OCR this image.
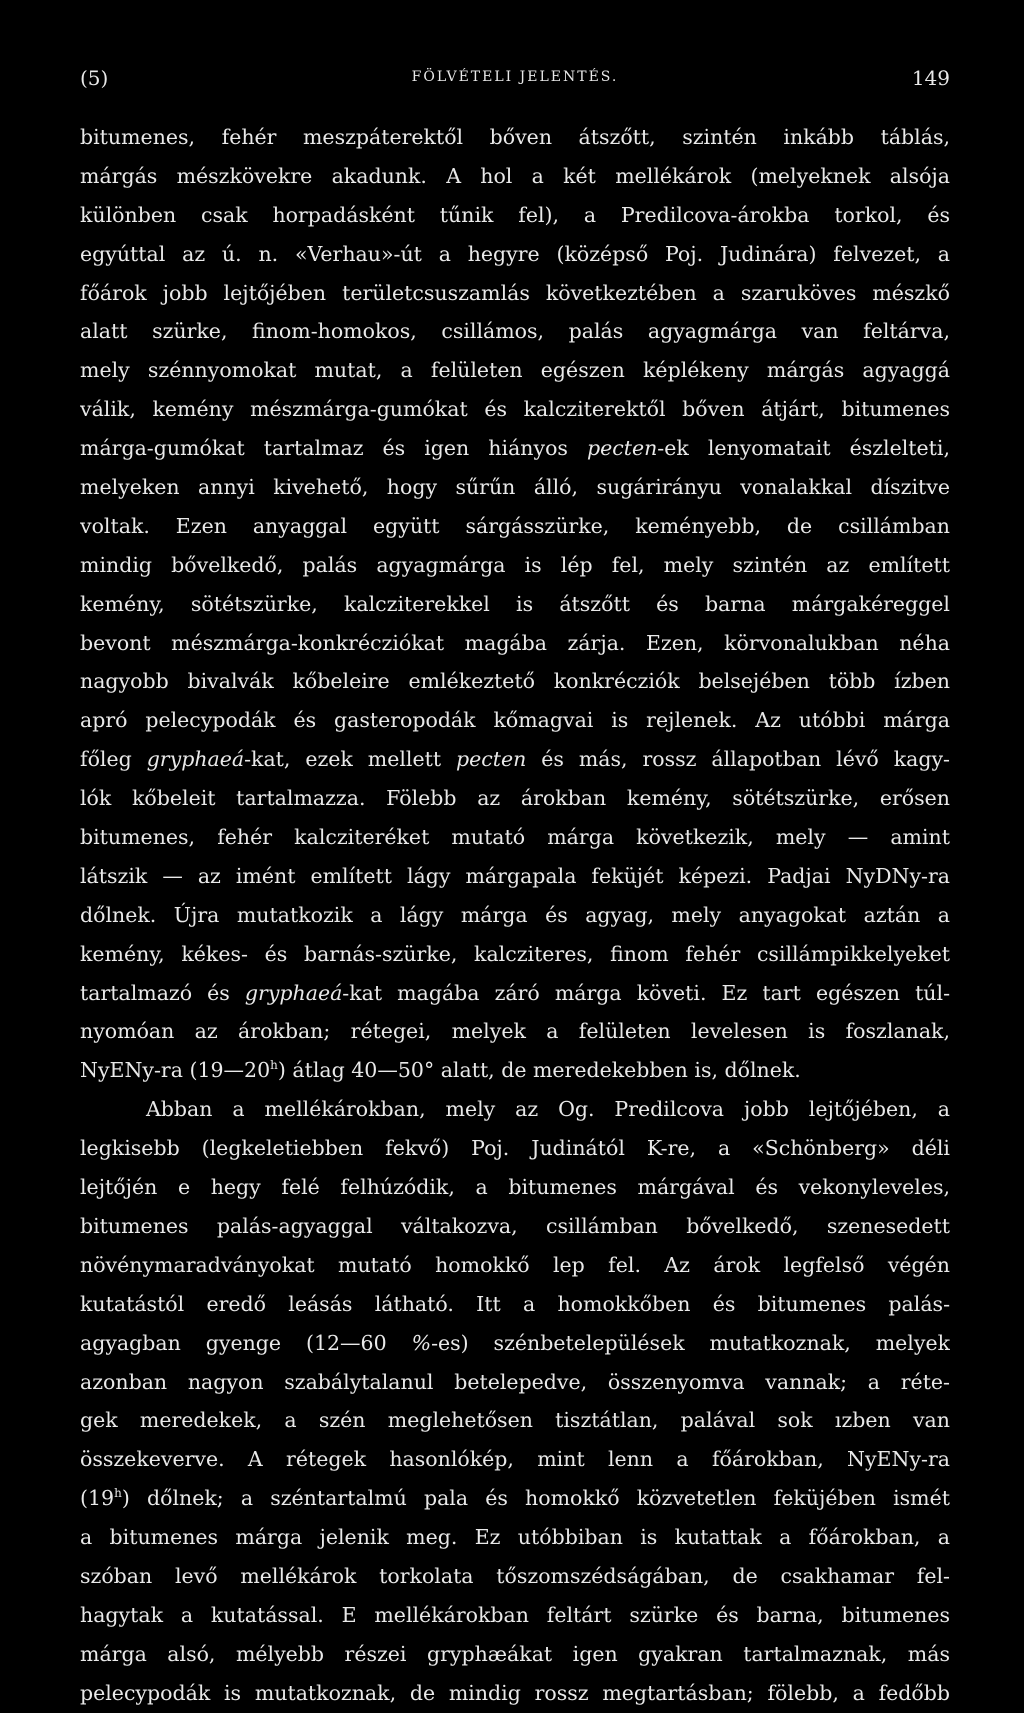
(5)	FÖLVÉTELI JELENTÉS.	149
bitumenes, fehér meszpáterektől bőven átszőtt, szintén inkább táblás,
márgás mészkövekre akadunk. A hol a két mellékárok (melyeknek alsója
különben csak horpadásként tűnik fel), a Predilcova-árokba torkol, és
egyúttal az ú. n. «Verhau»-út a hegyre (középső Poj. Judinára) felvezet, a
főárok jobb lejtőjében területcsuszamlás következtében a szaruköves mészkő
alatt szürke, finom-homokos, csillámos, palás agyagmárga van feltárva,
mely szénnyomokat mutat, a felületen egészen képlékeny márgás agyaggá
válik, kemény mészmárga-gumókat és kalcziterektől bőven átjárt, bitumenes
márga-gumókat tartalmaz és igen hiányos pecten-ek lenyomatait észlelteti,
melyeken annyi kivehető, hogy sűrűn álló, sugárirányu vonalakkal díszitve
voltak. Ezen anyaggal együtt sárgásszürke, keményebb, de csillámban
mindig bővelkedő, palás agyagmárga is lép fel, mely szintén az említett
kemény, sötétszürke, kalcziterekkel is átszőtt és barna márgakéreggel
bevont mészmárga-konkrécziókat magába zárja. Ezen, körvonalukban néha
nagyobb bivalvák kőbeleire emlékeztető konkrécziók belsejében több ízben
apró pelecypodák és gasteropodák kőmagvai is rejlenek. Az utóbbi márga
főleg gryphaeá-kat, ezek mellett pecten és más, rossz állapotban lévő kagy-
lók kőbeleit tartalmazza. Fölebb az árokban kemény, sötétszürke, erősen
bitumenes, fehér kalcziteréket mutató márga következik, mely — amint
látszik — az imént említett lágy márgapala feküjét képezi. Padjai NyDNy-ra
dőlnek. Újra mutatkozik a lágy márga és agyag, mely anyagokat aztán a
kemény, kékes- és barnás-szürke, kalcziteres, finom fehér csillámpikkelyeket
tartalmazó és gryphaeá-kat magába záró márga követi. Ez tart egészen túl-
nyomóan az árokban; rétegei, melyek a felületen levelesen is foszlanak,
NyENy-ra (19—20$^h$) átlag 40—50° alatt, de meredekebben is, dőlnek.
Abban a mellékárokban, mely az Og. Predilcova jobb lejtőjében, a
legkisebb (legkeletiebben fekvő) Poj. Judinától K-re, a «Schönberg» déli
lejtőjén e hegy felé felhúzódik, a bitumenes márgával és vekonyleveles,
bitumenes palás-agyaggal váltakozva, csillámban bővelkedő, szenesedett
növénymaradványokat mutató homokkő lep fel. Az árok legfelső végén
kutatástól eredő leásás látható. Itt a homokkőben és bitumenes palás-
agyagban gyenge (12—60 %-es) szénbetelepülések mutatkoznak, melyek
azonban nagyon szabálytalanul betelepedve, összenyomva vannak; a réte-
gek meredekek, a szén meglehetősen tisztátlan, palával sok ızben van
összekeverve. A rétegek hasonlókép, mint lenn a főárokban, NyENy-ra
(19$^h$) dőlnek; a széntartalmú pala és homokkő közvetetlen feküjében ismét
a bitumenes márga jelenik meg. Ez utóbbiban is kutattak a főárokban, a
szóban levő mellékárok torkolata tőszomszédságában, de csakhamar fel-
hagytak a kutatással. E mellékárokban feltárt szürke és barna, bitumenes
márga alsó, mélyebb részei gryphæákat igen gyakran tartalmaznak, más
pelecypodák is mutatkoznak, de mindig rossz megtartásban; fölebb, a fedőbb
